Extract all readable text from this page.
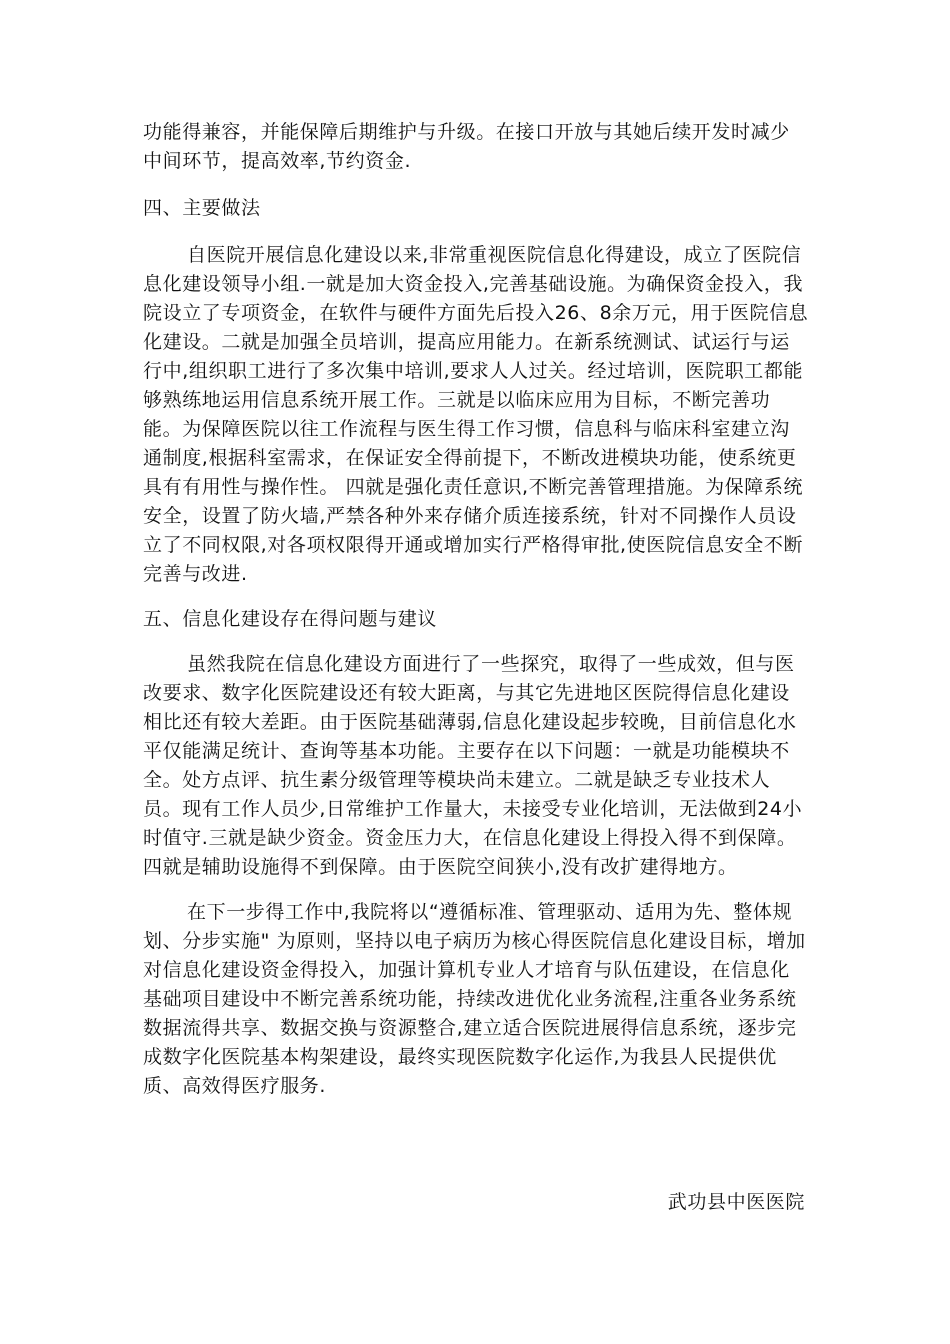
功能得兼容，并能保障后期维护与升级。在接口开放与其她后续开发时减少中间环节，提高效率,节约资金.

四、主要做法

自医院开展信息化建设以来,非常重视医院信息化得建设，成立了医院信息化建设领导小组.一就是加大资金投入,完善基础设施。为确保资金投入，我院设立了专项资金，在软件与硬件方面先后投入26、8余万元，用于医院信息化建设。二就是加强全员培训，提高应用能力。在新系统测试、试运行与运行中,组织职工进行了多次集中培训,要求人人过关。经过培训，医院职工都能够熟练地运用信息系统开展工作。三就是以临床应用为目标，不断完善功能。为保障医院以往工作流程与医生得工作习惯，信息科与临床科室建立沟通制度,根据科室需求，在保证安全得前提下，不断改进模块功能，使系统更具有有用性与操作性。 四就是强化责任意识,不断完善管理措施。为保障系统安全，设置了防火墙,严禁各种外来存储介质连接系统，针对不同操作人员设立了不同权限,对各项权限得开通或增加实行严格得审批,使医院信息安全不断完善与改进.

五、信息化建设存在得问题与建议

虽然我院在信息化建设方面进行了一些探究，取得了一些成效，但与医改要求、数字化医院建设还有较大距离，与其它先进地区医院得信息化建设相比还有较大差距。由于医院基础薄弱,信息化建设起步较晚，目前信息化水平仅能满足统计、查询等基本功能。主要存在以下问题：一就是功能模块不全。处方点评、抗生素分级管理等模块尚未建立。二就是缺乏专业技术人员。现有工作人员少,日常维护工作量大，未接受专业化培训，无法做到24小时值守.三就是缺少资金。资金压力大，在信息化建设上得投入得不到保障。四就是辅助设施得不到保障。由于医院空间狭小,没有改扩建得地方。

在下一步得工作中,我院将以“遵循标准、管理驱动、适用为先、整体规划、分步实施" 为原则，坚持以电子病历为核心得医院信息化建设目标，增加对信息化建设资金得投入，加强计算机专业人才培育与队伍建设，在信息化基础项目建设中不断完善系统功能，持续改进优化业务流程,注重各业务系统数据流得共享、数据交换与资源整合,建立适合医院进展得信息系统，逐步完成数字化医院基本构架建设，最终实现医院数字化运作,为我县人民提供优质、高效得医疗服务.

武功县中医医院
